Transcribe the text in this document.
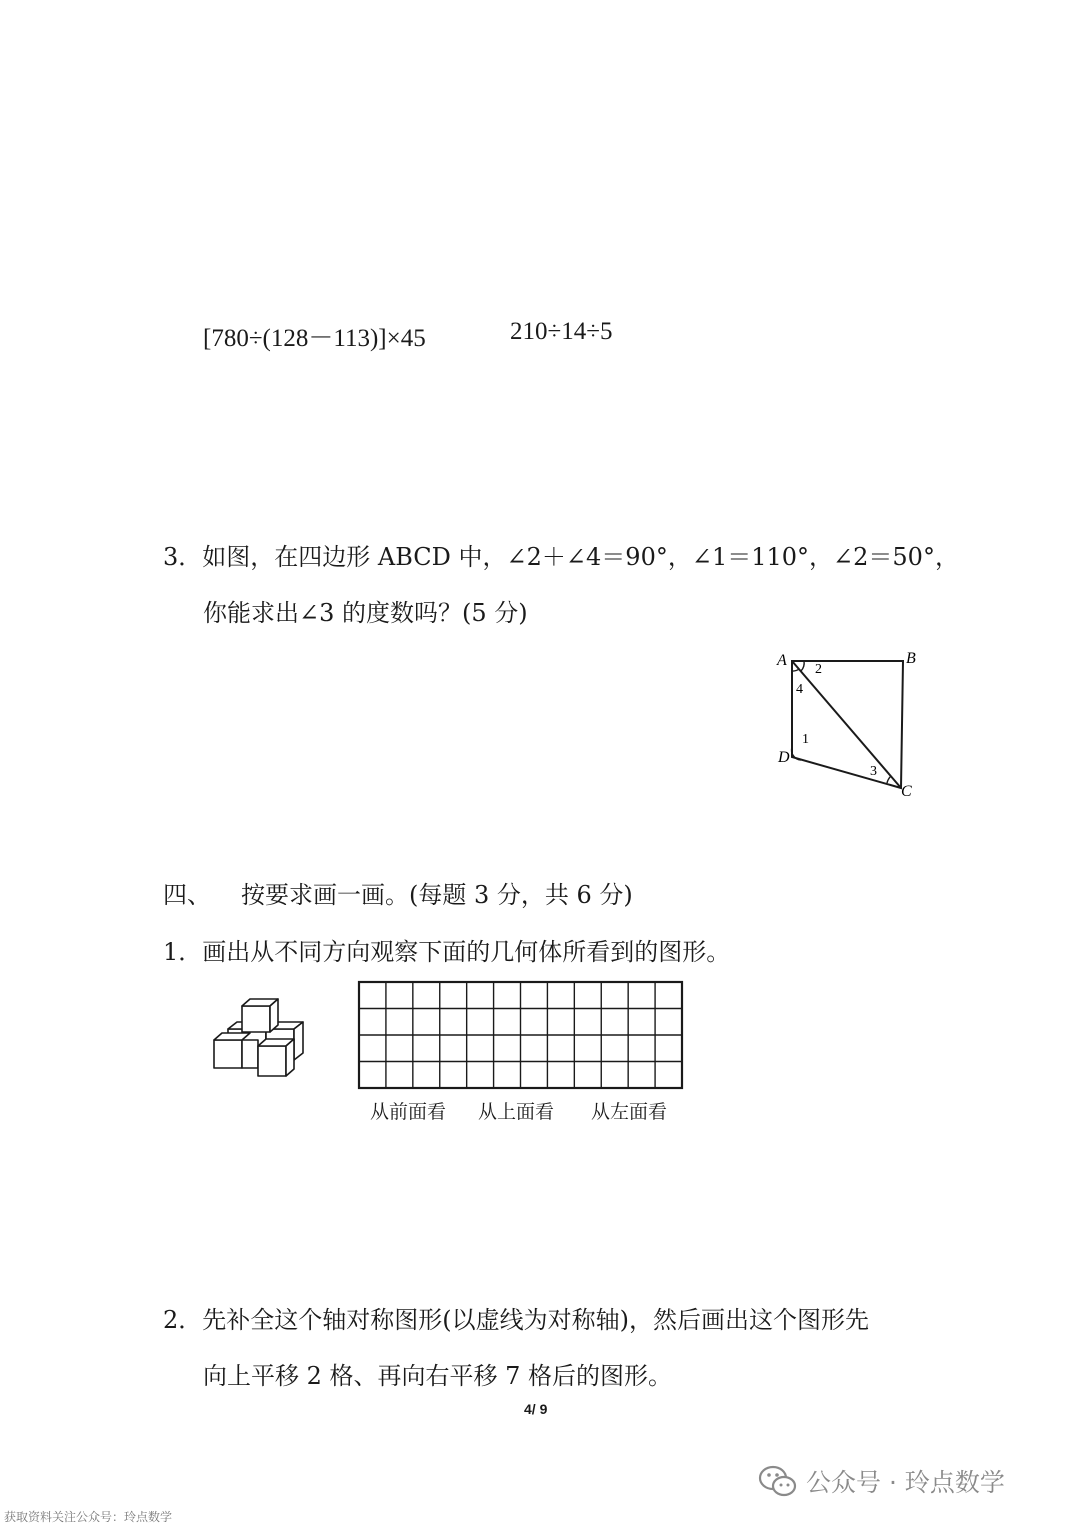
[780÷(128－113)]×45	210÷14÷5
3．如图，在四边形 ABCD 中，∠2＋∠4＝90°，∠1＝110°，∠2＝50°，
你能求出∠3 的度数吗？(5 分)
A	B
C
D
1
2
3
4
四、 按要求画一画。(每题 3 分，共 6 分)
1．画出从不同方向观察下面的几何体所看到的图形。
从前面看 从上面看 从左面看
2．先补全这个轴对称图形(以虚线为对称轴)，然后画出这个图形先
向上平移 2 格、再向右平移 7 格后的图形。
4/ 9
公众号 · 玲点数学
获取资料关注公众号：玲点数学
